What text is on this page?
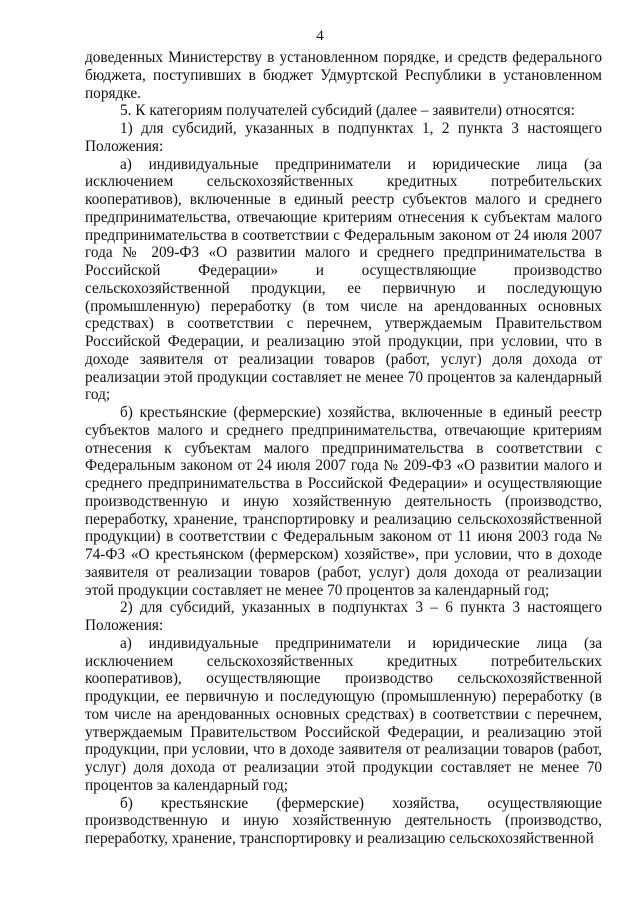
4

доведенных Министерству в установленном порядке, и средств федерального бюджета, поступивших в бюджет Удмуртской Республики в установленном порядке.

5. К категориям получателей субсидий (далее – заявители) относятся:

1) для субсидий, указанных в подпунктах 1, 2 пункта 3 настоящего Положения:

а) индивидуальные предприниматели и юридические лица (за исключением сельскохозяйственных кредитных потребительских кооперативов), включенные в единый реестр субъектов малого и среднего предпринимательства, отвечающие критериям отнесения к субъектам малого предпринимательства в соответствии с Федеральным законом от 24 июля 2007 года № 209-ФЗ «О развитии малого и среднего предпринимательства в Российской Федерации» и осуществляющие производство сельскохозяйственной продукции, ее первичную и последующую (промышленную) переработку (в том числе на арендованных основных средствах) в соответствии с перечнем, утверждаемым Правительством Российской Федерации, и реализацию этой продукции, при условии, что в доходе заявителя от реализации товаров (работ, услуг) доля дохода от реализации этой продукции составляет не менее 70 процентов за календарный год;

б) крестьянские (фермерские) хозяйства, включенные в единый реестр субъектов малого и среднего предпринимательства, отвечающие критериям отнесения к субъектам малого предпринимательства в соответствии с Федеральным законом от 24 июля 2007 года № 209-ФЗ «О развитии малого и среднего предпринимательства в Российской Федерации» и осуществляющие производственную и иную хозяйственную деятельность (производство, переработку, хранение, транспортировку и реализацию сельскохозяйственной продукции) в соответствии с Федеральным законом от 11 июня 2003 года № 74-ФЗ «О крестьянском (фермерском) хозяйстве», при условии, что в доходе заявителя от реализации товаров (работ, услуг) доля дохода от реализации этой продукции составляет не менее 70 процентов за календарный год;

2) для субсидий, указанных в подпунктах 3 – 6 пункта 3 настоящего Положения:

а) индивидуальные предприниматели и юридические лица (за исключением сельскохозяйственных кредитных потребительских кооперативов), осуществляющие производство сельскохозяйственной продукции, ее первичную и последующую (промышленную) переработку (в том числе на арендованных основных средствах) в соответствии с перечнем, утверждаемым Правительством Российской Федерации, и реализацию этой продукции, при условии, что в доходе заявителя от реализации товаров (работ, услуг) доля дохода от реализации этой продукции составляет не менее 70 процентов за календарный год;

б) крестьянские (фермерские) хозяйства, осуществляющие производственную и иную хозяйственную деятельность (производство, переработку, хранение, транспортировку и реализацию сельскохозяйственной
